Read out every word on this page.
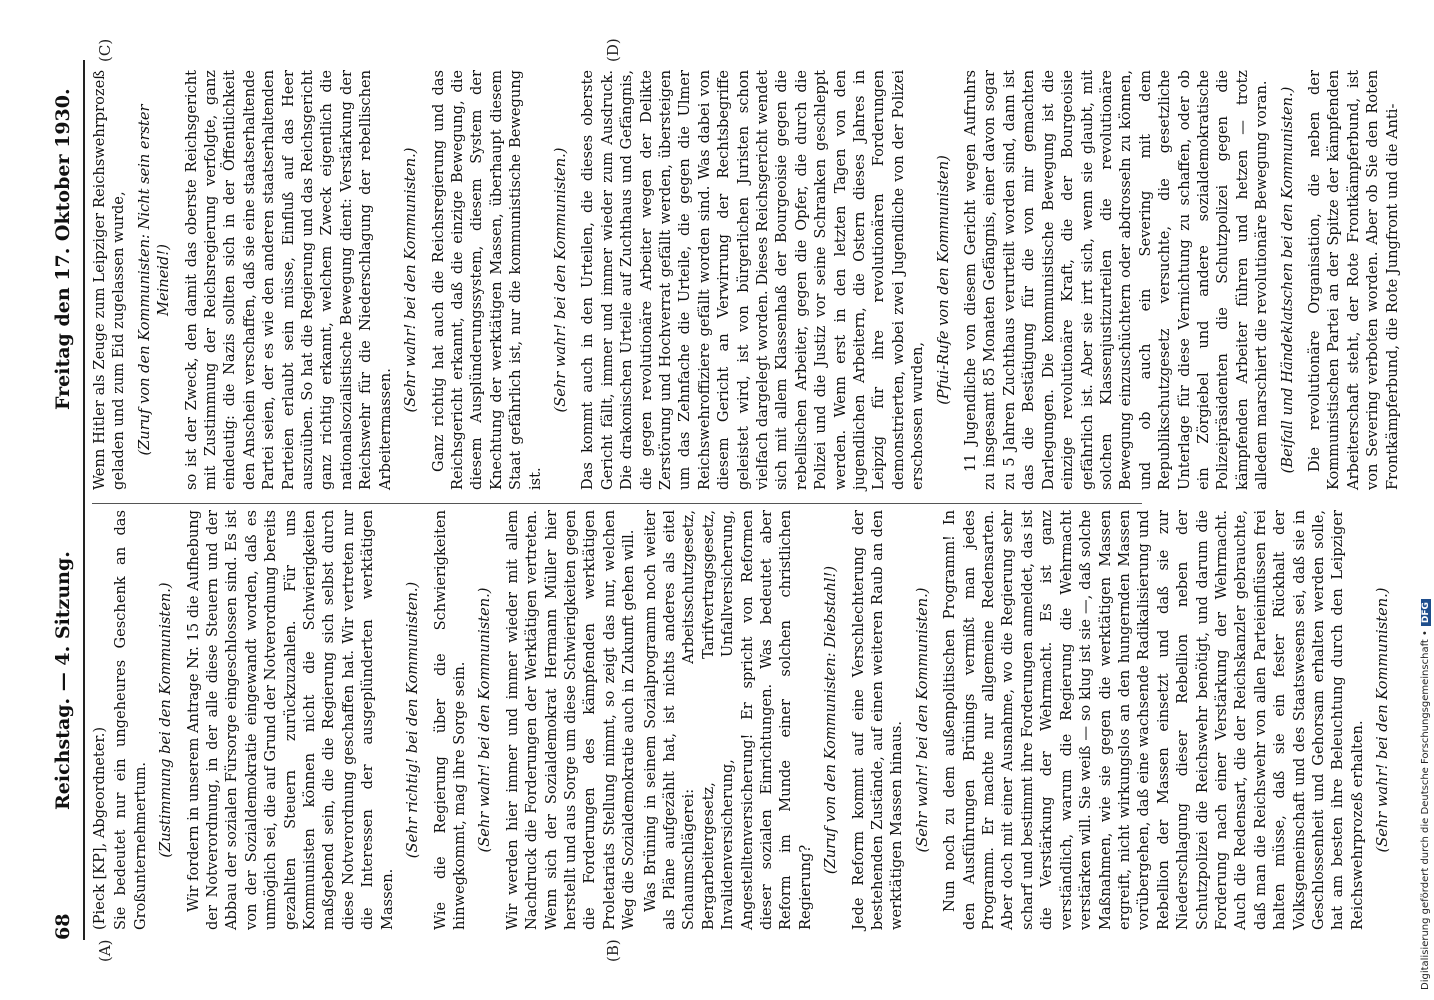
68
Reichstag. — 4. Sitzung.
Freitag den 17. Oktober 1930.
(A)	(B)
(C)	(D)

(Pieck [KP], Abgeordneter.) Sie bedeutet nur ein ungeheures Geschenk an das Großunternehmertum. (Zustimmung bei den Kommunisten.) Wir fordern in unserem Antrage Nr. 15 die Aufhebung der Notverordnung, in der alle diese Steuern und der Abbau der sozialen Fürsorge eingeschlossen sind. Es ist von der Sozialdemokratie eingewandt worden, daß es unmöglich sei, die auf Grund der Notverordnung bereits gezahlten Steuern zurückzuzahlen. Für uns Kommunisten können nicht die Schwierigkeiten maßgebend sein, die die Regierung sich selbst durch diese Notverordnung geschaffen hat. Wir vertreten nur die Interessen der ausgeplünderten werktätigen Massen.

(Sehr richtig! bei den Kommunisten.) Wie die Regierung über die Schwierigkeiten hinwegkommt, mag ihre Sorge sein. (Sehr wahr! bei den Kommunisten.) Wir werden hier immer und immer wieder mit allem Nachdruck die Forderungen der Werktätigen vertreten. Wenn sich der Sozialdemokrat Hermann Müller hier herstellt und aus Sorge um diese Schwierigkeiten gegen die Forderungen des kämpfenden werktätigen Proletariats Stellung nimmt, so zeigt das nur, welchen Weg die Sozialdemokratie auch in Zukunft gehen will. Was Brüning in seinem Sozialprogramm noch weiter als Pläne aufgezählt hat, ist nichts anderes als eitel Schaumschlägerei: Arbeitsschutzgesetz, Bergarbeitergesetz, Tarifvertragsgesetz, Invalidenversicherung, Unfallversicherung, Angestelltenversicherung! Er spricht von Reformen dieser sozialen Einrichtungen. Was bedeutet aber Reform im Munde einer solchen christlichen Regierung?

(Zuruf von den Kommunisten: Diebstahl!) Jede Reform kommt auf eine Verschlechterung der bestehenden Zustände, auf einen weiteren Raub an den werktätigen Massen hinaus. (Sehr wahr! bei den Kommunisten.) Nun noch zu dem außenpolitischen Programm! In den Ausführungen Brünings vermißt man jedes Programm. Er machte nur allgemeine Redensarten. Aber doch mit einer Ausnahme, wo die Regierung sehr scharf und bestimmt ihre Forderungen anmeldet, das ist die Verstärkung der Wehrmacht. Es ist ganz verständlich, warum die Regierung die Wehrmacht verstärken will. Sie weiß — so klug ist sie —, daß solche Maßnahmen, wie sie gegen die werktätigen Massen ergreift, nicht wirkungslos an den hungernden Massen vorübergehen, daß eine wachsende Radikalisierung und Rebellion der Massen einsetzt und daß sie zur Niederschlagung dieser Rebellion neben der Schutzpolizei die Reichswehr benötigt, und darum die Forderung nach einer Verstärkung der Wehrmacht. Auch die Redensart, die der Reichskanzler gebrauchte, daß man die Reichswehr von allen Parteieinflüssen frei halten müsse, daß sie ein fester Rückhalt der Volksgemeinschaft und des Staatswesens sei, daß sie in Geschlossenheit und Gehorsam erhalten werden solle, hat am besten ihre Beleuchtung durch den Leipziger Reichswehrprozeß erhalten. (Sehr wahr! bei den Kommunisten.)

Wenn Hitler als Zeuge zum Leipziger Reichswehrprozeß geladen und zum Eid zugelassen wurde, (Zuruf von den Kommunisten: Nicht sein erster Meineid!) so ist der Zweck, den damit das oberste Reichsgericht mit Zustimmung der Reichsregierung verfolgte, ganz eindeutig: die Nazis sollten sich in der Öffentlichkeit den Anschein verschaffen, daß sie eine staatserhaltende Partei seien, der es wie den anderen staatserhaltenden Parteien erlaubt sein müsse, Einfluß auf das Heer auszuüben. So hat die Regierung und das Reichsgericht ganz richtig erkannt, welchem Zweck eigentlich die nationalsozialistische Bewegung dient: Verstärkung der Reichswehr für die Niederschlagung der rebellischen Arbeitermassen.

(Sehr wahr! bei den Kommunisten.) Ganz richtig hat auch die Reichsregierung und das Reichsgericht erkannt, daß die einzige Bewegung, die diesem Ausplünderungssystem, diesem System der Knechtung der werktätigen Massen, überhaupt diesem Staat gefährlich ist, nur die kommunistische Bewegung ist.

(Sehr wahr! bei den Kommunisten.) Das kommt auch in den Urteilen, die dieses oberste Gericht fällt, immer und immer wieder zum Ausdruck. Die drakonischen Urteile auf Zuchthaus und Gefängnis, die gegen revolutionäre Arbeiter wegen der Delikte Zerstörung und Hochverrat gefällt werden, übersteigen um das Zehnfache die Urteile, die gegen die Ulmer Reichswehroffiziere gefällt worden sind. Was dabei von diesem Gericht an Verwirrung der Rechtsbegriffe geleistet wird, ist von bürgerlichen Juristen schon vielfach dargelegt worden. Dieses Reichsgericht wendet sich mit allem Klassenhaß der Bourgeoisie gegen die rebellischen Arbeiter, gegen die Opfer, die durch die Polizei und die Justiz vor seine Schranken geschleppt werden. Wenn erst in den letzten Tagen von den jugendlichen Arbeitern, die Ostern dieses Jahres in Leipzig für ihre revolutionären Forderungen demonstrierten, wobei zwei Jugendliche von der Polizei erschossen wurden,

(Pfui-Rufe von den Kommunisten) 11 Jugendliche von diesem Gericht wegen Aufruhrs zu insgesamt 85 Monaten Gefängnis, einer davon sogar zu 5 Jahren Zuchthaus verurteilt worden sind, dann ist das die Bestätigung für die von mir gemachten Darlegungen. Die kommunistische Bewegung ist die einzige revolutionäre Kraft, die der Bourgeoisie gefährlich ist. Aber sie irrt sich, wenn sie glaubt, mit solchen Klassenjustizurteilen die revolutionäre Bewegung einzuschüchtern oder abdrosseln zu können, und ob auch ein Severing mit dem Republikschutzgesetz versuchte, die gesetzliche Unterlage für diese Vernichtung zu schaffen, oder ob ein Zörgiebel und andere sozialdemokratische Polizeipräsidenten die Schutzpolizei gegen die kämpfenden Arbeiter führen und hetzen — trotz alledem marschiert die revolutionäre Bewegung voran. (Beifall und Händeklatschen bei den Kommunisten.) Die revolutionäre Organisation, die neben der Kommunistischen Partei an der Spitze der kämpfenden Arbeiterschaft steht, der Rote Frontkämpferbund, ist von Severing verboten worden. Aber ob Sie den Roten Frontkämpferbund, die Rote Jungfront und die Anti-

Digitalisierung gefördert durch die Deutsche Forschungsgemeinschaft •DFG
